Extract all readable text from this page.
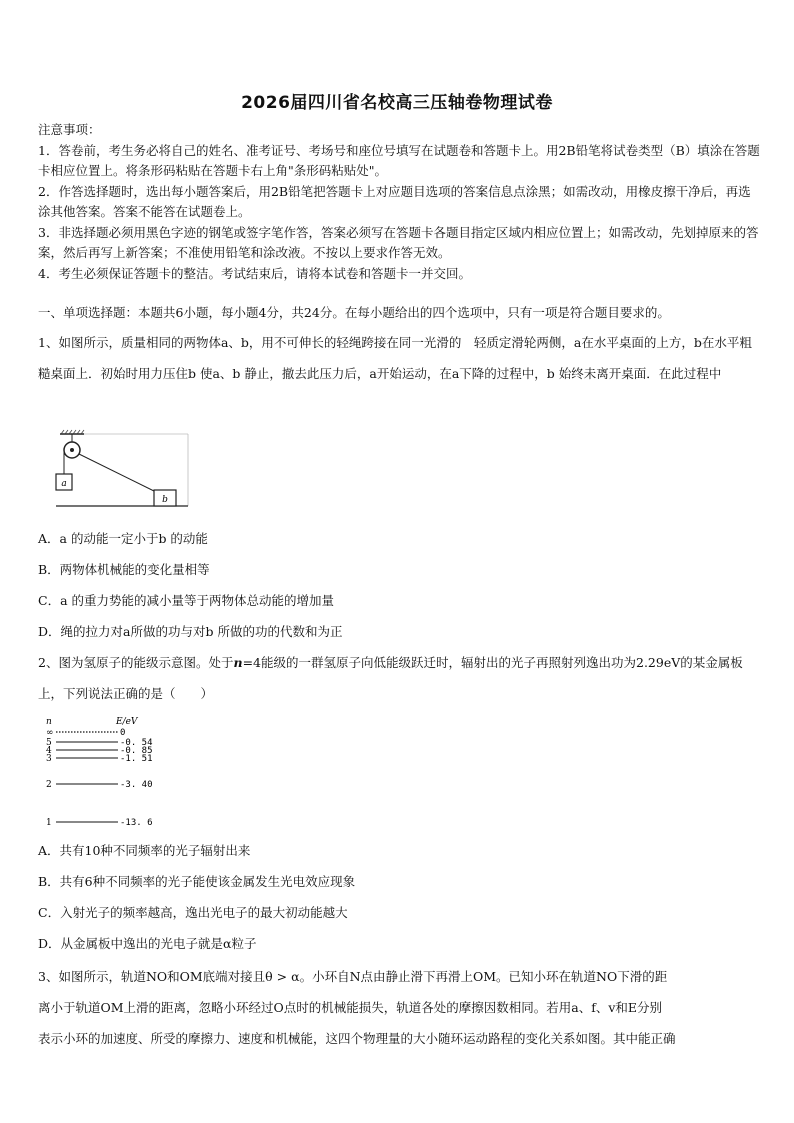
2026届四川省名校高三压轴卷物理试卷

注意事项：

1．答卷前，考生务必将自己的姓名、准考证号、考场号和座位号填写在试题卷和答题卡上。用2B铅笔将试卷类型（B）填涂在答题卡相应位置上。将条形码粘贴在答题卡右上角"条形码粘贴处"。

2．作答选择题时，选出每小题答案后，用2B铅笔把答题卡上对应题目选项的答案信息点涂黑；如需改动，用橡皮擦干净后，再选涂其他答案。答案不能答在试题卷上。

3．非选择题必须用黑色字迹的钢笔或签字笔作答，答案必须写在答题卡各题目指定区域内相应位置上；如需改动，先划掉原来的答案，然后再写上新答案；不准使用铅笔和涂改液。不按以上要求作答无效。

4．考生必须保证答题卡的整洁。考试结束后，请将本试卷和答题卡一并交回。

一、单项选择题：本题共6小题，每小题4分，共24分。在每小题给出的四个选项中，只有一项是符合题目要求的。
1、如图所示，质量相同的两物体a、b，用不可伸长的轻绳跨接在同一光滑的　轻质定滑轮两侧，a在水平桌面的上方，b在水平粗糙桌面上．初始时用力压住b 使a、b 静止，撤去此压力后，a开始运动，在a下降的过程中，b 始终未离开桌面．在此过程中
a
b
A．a 的动能一定小于b 的动能
B．两物体机械能的变化量相等
C．a 的重力势能的减小量等于两物体总动能的增加量
D．绳的拉力对a所做的功与对b 所做的功的代数和为正

2、图为氢原子的能级示意图。处于n=4能级的一群氢原子向低能级跃迁时，辐射出的光子再照射列逸出功为2.29eV的某金属板上，下列说法正确的是（　　）

n	E/eV
∞	0
5	-0. 54
4	-0. 85
3	-1. 51
2	-3. 40
1	-13. 6
A．共有10种不同频率的光子辐射出来
B．共有6种不同频率的光子能使该金属发生光电效应现象
C．入射光子的频率越高，逸出光电子的最大初动能越大
D．从金属板中逸出的光电子就是α粒子

3、如图所示，轨道NO和OM底端对接且θ > α。小环自N点由静止滑下再滑上OM。已知小环在轨道NO下滑的距

离小于轨道OM上滑的距离，忽略小环经过O点时的机械能损失，轨道各处的摩擦因数相同。若用a、f、v和E分别

表示小环的加速度、所受的摩擦力、速度和机械能，这四个物理量的大小随环运动路程的变化关系如图。其中能正确
